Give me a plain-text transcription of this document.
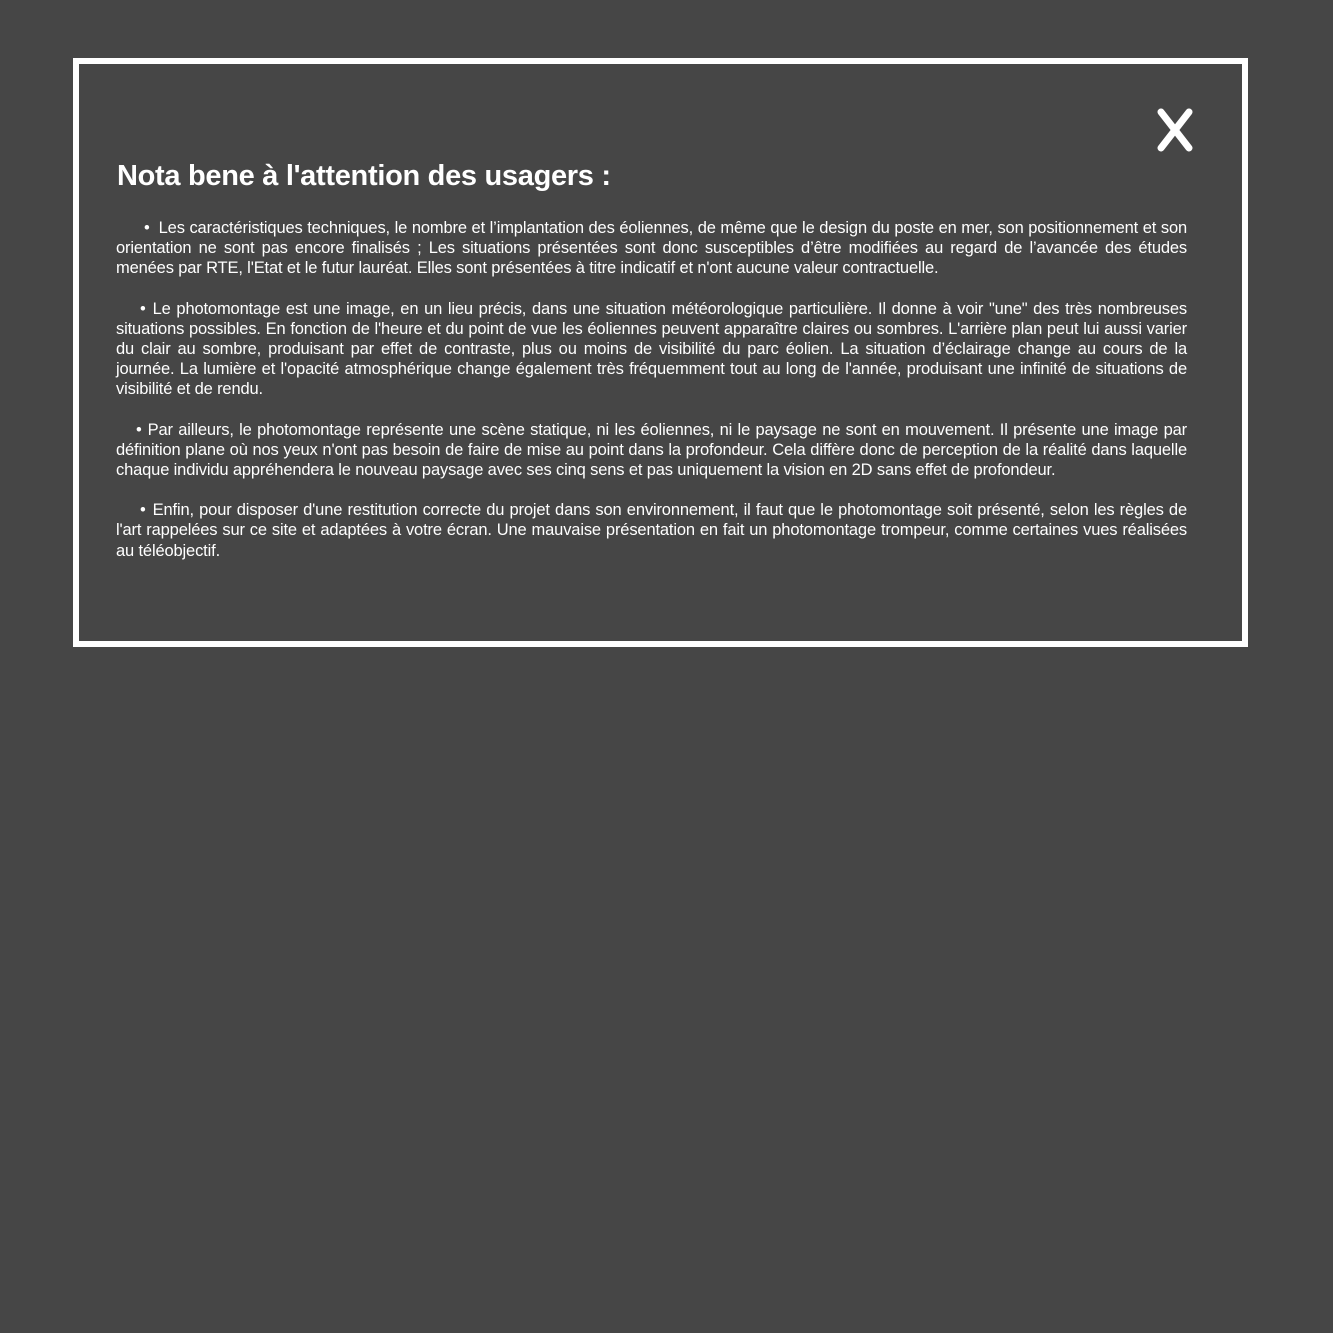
Nota bene à l'attention des usagers :

• Les caractéristiques techniques, le nombre et l’implantation des éoliennes, de même que le design du poste en mer, son positionnement et son orientation ne sont pas encore finalisés ; Les situations présentées sont donc susceptibles d’être modifiées au regard de l’avancée des études menées par RTE, l'Etat et le futur lauréat. Elles sont présentées à titre indicatif et n'ont aucune valeur contractuelle.

• Le photomontage est une image, en un lieu précis, dans une situation météorologique particulière. Il donne à voir "une" des très nombreuses situations possibles. En fonction de l'heure et du point de vue les éoliennes peuvent apparaître claires ou sombres. L'arrière plan peut lui aussi varier du clair au sombre, produisant par effet de contraste, plus ou moins de visibilité du parc éolien. La situation d’éclairage change au cours de la journée. La lumière et l'opacité atmosphérique change également très fréquemment tout au long de l'année, produisant une infinité de situations de visibilité et de rendu.

• Par ailleurs, le photomontage représente une scène statique, ni les éoliennes, ni le paysage ne sont en mouvement. Il présente une image par définition plane où nos yeux n'ont pas besoin de faire de mise au point dans la profondeur. Cela diffère donc de perception de la réalité dans laquelle chaque individu appréhendera le nouveau paysage avec ses cinq sens et pas uniquement la vision en 2D sans effet de profondeur.

• Enfin, pour disposer d'une restitution correcte du projet dans son environnement, il faut que le photomontage soit présenté, selon les règles de l'art rappelées sur ce site et adaptées à votre écran. Une mauvaise présentation en fait un photomontage trompeur, comme certaines vues réalisées au téléobjectif.
